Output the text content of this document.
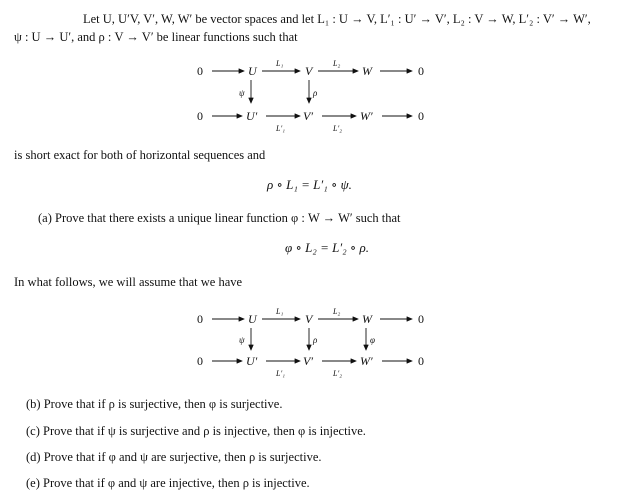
Let U, U′V, V′, W, W′ be vector spaces and let L₁ : U → V, L′₁ : U′ → V′, L₂ : V → W, L′₂ : V′ → W′,
ψ : U → U′, and ρ : V → V′ be linear functions such that
0	U
L₁
V
L₂
W	0
ψ	ρ
0	U′
L′₁
V′
L′₂
W′	0
is short exact for both of horizontal sequences and
ρ ∘ L₁ = L′₁ ∘ ψ.
(a) Prove that there exists a unique linear function φ : W → W′ such that
φ ∘ L₂ = L′₂ ∘ ρ.
In what follows, we will assume that we have
0	U
L₁
V
L₂
W	0
ψ	ρ	φ
0	U′
L′₁
V′
L′₂
W′	0
(b) Prove that if ρ is surjective, then φ is surjective.
(c) Prove that if ψ is surjective and ρ is injective, then φ is injective.
(d) Prove that if φ and ψ are surjective, then ρ is surjective.
(e) Prove that if φ and ψ are injective, then ρ is injective.
